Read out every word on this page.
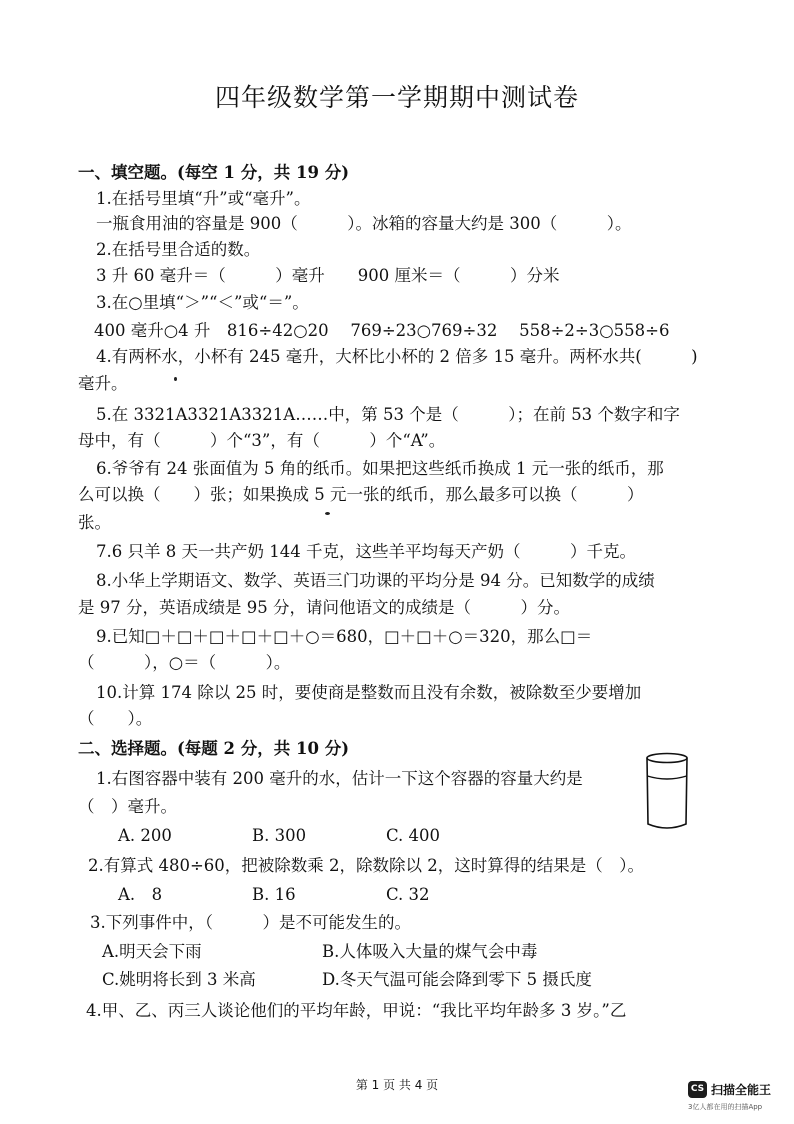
四年级数学第一学期期中测试卷
一、填空题。(每空 1 分，共 19 分)
1.在括号里填“升”或“毫升”。
一瓶食用油的容量是 900（　　　）。冰箱的容量大约是 300（　　　）。
2.在括号里合适的数。
3 升 60 毫升＝（　　　）毫升　　900 厘米＝（　　　）分米
3.在○里填“＞”“＜”或“＝”。
400 毫升○4 升　816÷42○20　 769÷23○769÷32　 558÷2÷3○558÷6
4.有两杯水，小杯有 245 毫升，大杯比小杯的 2 倍多 15 毫升。两杯水共(　　　)
毫升。
5.在 3321A3321A3321A……中，第 53 个是（　　　）；在前 53 个数字和字
母中，有（　　　）个“3”，有（　　　）个“A”。
6.爷爷有 24 张面值为 5 角的纸币。如果把这些纸币换成 1 元一张的纸币，那
么可以换（　　）张；如果换成 5 元一张的纸币，那么最多可以换（　　　）
张。
7.6 只羊 8 天一共产奶 144 千克，这些羊平均每天产奶（　　　）千克。
8.小华上学期语文、数学、英语三门功课的平均分是 94 分。已知数学的成绩
是 97 分，英语成绩是 95 分，请问他语文的成绩是（　　　）分。
9.已知□＋□＋□＋□＋□＋○＝680，□＋□＋○＝320，那么□＝
（　　　），○＝（　　　）。
10.计算 174 除以 25 时，要使商是整数而且没有余数，被除数至少要增加
（　　）。
二、选择题。(每题 2 分，共 10 分)
1.右图容器中装有 200 毫升的水，估计一下这个容器的容量大约是
（　）毫升。
A. 200	B. 300	C. 400
2.有算式 480÷60，把被除数乘 2，除数除以 2，这时算得的结果是（　）。
A.　8	B. 16	C. 32
3.下列事件中，（　　　）是不可能发生的。
A.明天会下雨	B.人体吸入大量的煤气会中毒
C.姚明将长到 3 米高	D.冬天气温可能会降到零下 5 摄氏度
4.甲、乙、丙三人谈论他们的平均年龄，甲说：“我比平均年龄多 3 岁。”乙
第 1 页 共 4 页	CS 扫描全能王
3亿人都在用的扫描App
